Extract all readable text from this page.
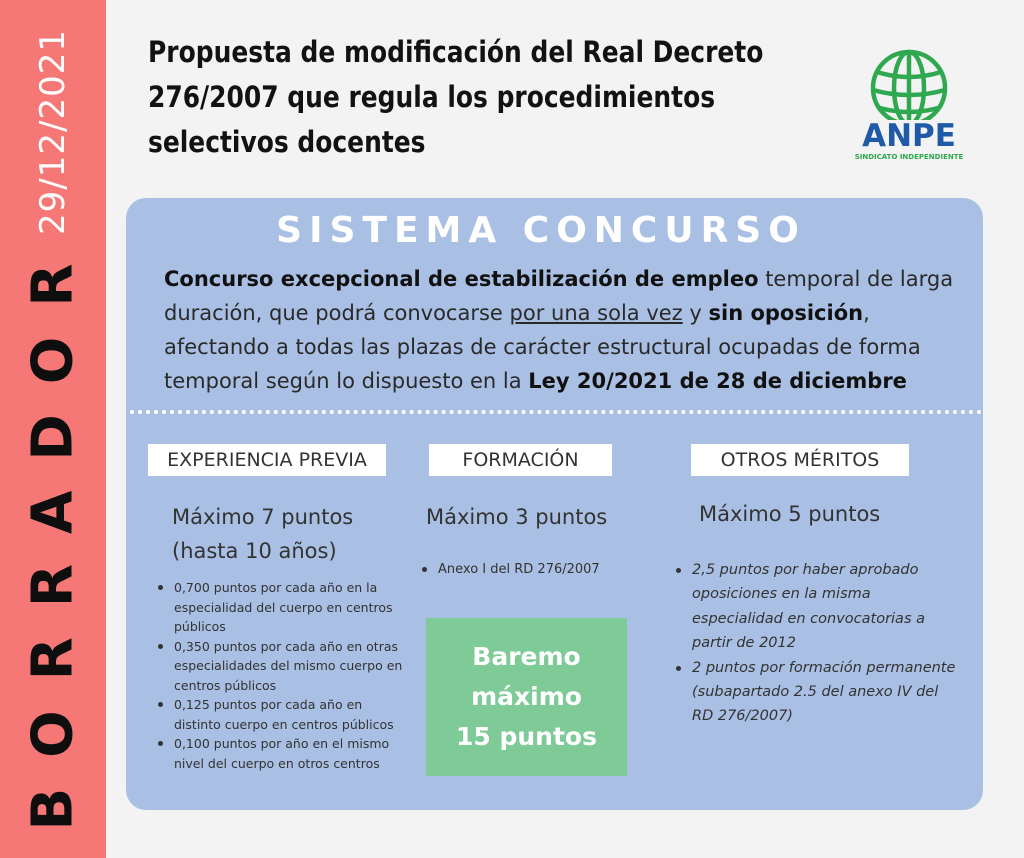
29/12/2021
BORRADOR
Propuesta de modificación del Real Decreto
276/2007 que regula los procedimientos
selectivos docentes	ANPE
SINDICATO INDEPENDIENTE
SISTEMA CONCURSO
Concurso excepcional de estabilización de empleo temporal de larga duración, que podrá convocarse por una sola vez y sin oposición, afectando a todas las plazas de carácter estructural ocupadas de forma temporal según lo dispuesto en la Ley 20/2021 de 28 de diciembre
EXPERIENCIA PREVIA
Máximo 7 puntos
(hasta 10 años)
0,700 puntos por cada año en la especialidad del cuerpo en centros públicos
0,350 puntos por cada año en otras especialidades del mismo cuerpo en centros públicos
0,125 puntos por cada año en distinto cuerpo en centros públicos
0,100 puntos por año en el mismo nivel del cuerpo en otros centros
FORMACIÓN
Máximo 3 puntos
Anexo I del RD 276/2007
OTROS MÉRITOS
Máximo 5 puntos
2,5 puntos por haber aprobado oposiciones en la misma especialidad en convocatorias a partir de 2012
2 puntos por formación permanente (subapartado 2.5 del anexo IV del RD 276/2007)
Baremo
máximo
15 puntos
